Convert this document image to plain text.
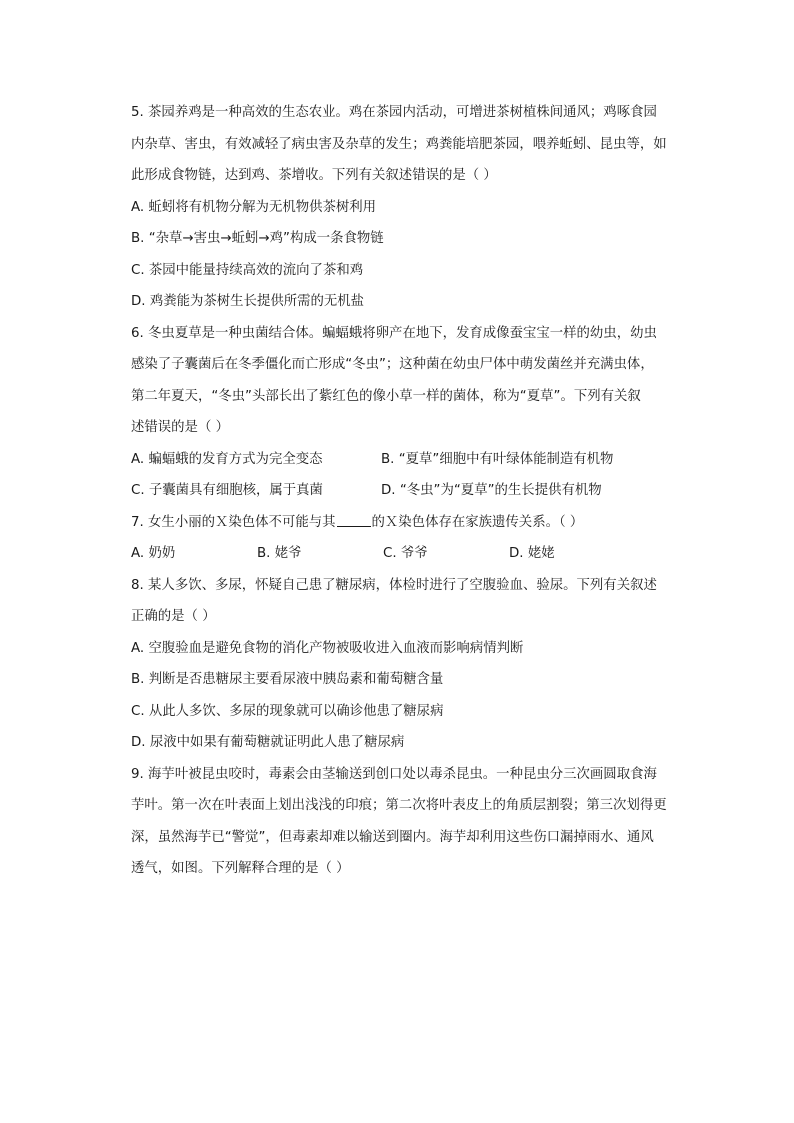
5. 茶园养鸡是一种高效的生态农业。鸡在茶园内活动，可增进茶树植株间通风；鸡啄食园
内杂草、害虫，有效减轻了病虫害及杂草的发生；鸡粪能培肥茶园，喂养蚯蚓、昆虫等，如
此形成食物链，达到鸡、茶增收。下列有关叙述错误的是（ ）
A. 蚯蚓将有机物分解为无机物供茶树利用
B. “杂草→害虫→蚯蚓→鸡”构成一条食物链
C. 茶园中能量持续高效的流向了茶和鸡
D. 鸡粪能为茶树生长提供所需的无机盐
6. 冬虫夏草是一种虫菌结合体。蝙蝠蛾将卵产在地下，发育成像蚕宝宝一样的幼虫，幼虫
感染了子囊菌后在冬季僵化而亡形成“冬虫”；这种菌在幼虫尸体中萌发菌丝并充满虫体，
第二年夏天，“冬虫”头部长出了紫红色的像小草一样的菌体，称为“夏草”。下列有关叙
述错误的是（ ）
A. 蝙蝠蛾的发育方式为完全变态	B. “夏草”细胞中有叶绿体能制造有机物
C. 子囊菌具有细胞核，属于真菌	D. “冬虫”为“夏草”的生长提供有机物
7. 女生小丽的Ｘ染色体不可能与其	的Ｘ染色体存在家族遗传关系。（ ）
A. 奶奶	B. 姥爷	C. 爷爷	D. 姥姥
8. 某人多饮、多尿，怀疑自己患了糖尿病，体检时进行了空腹验血、验尿。下列有关叙述
正确的是（ ）
A. 空腹验血是避免食物的消化产物被吸收进入血液而影响病情判断
B. 判断是否患糖尿主要看尿液中胰岛素和葡萄糖含量
C. 从此人多饮、多尿的现象就可以确诊他患了糖尿病
D. 尿液中如果有葡萄糖就证明此人患了糖尿病
9. 海芋叶被昆虫咬时，毒素会由茎输送到创口处以毒杀昆虫。一种昆虫分三次画圆取食海
芋叶。第一次在叶表面上划出浅浅的印痕；第二次将叶表皮上的角质层割裂；第三次划得更
深，虽然海芋已“警觉”，但毒素却难以输送到圈内。海芋却利用这些伤口漏掉雨水、通风
透气，如图。下列解释合理的是（ ）
